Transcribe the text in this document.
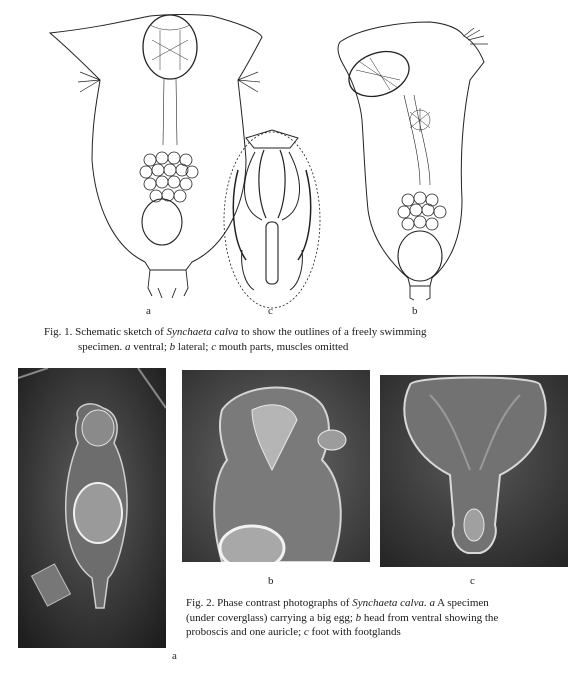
a	c	b
Fig. 1. Schematic sketch of Synchaeta calva to show the outlines of a freely swimming
specimen. a ventral; b lateral; c mouth parts, muscles omitted
b	c
a
Fig. 2. Phase contrast photographs of Synchaeta calva. a A specimen
(under coverglass) carrying a big egg; b head from ventral showing the
proboscis and one auricle; c foot with footglands
